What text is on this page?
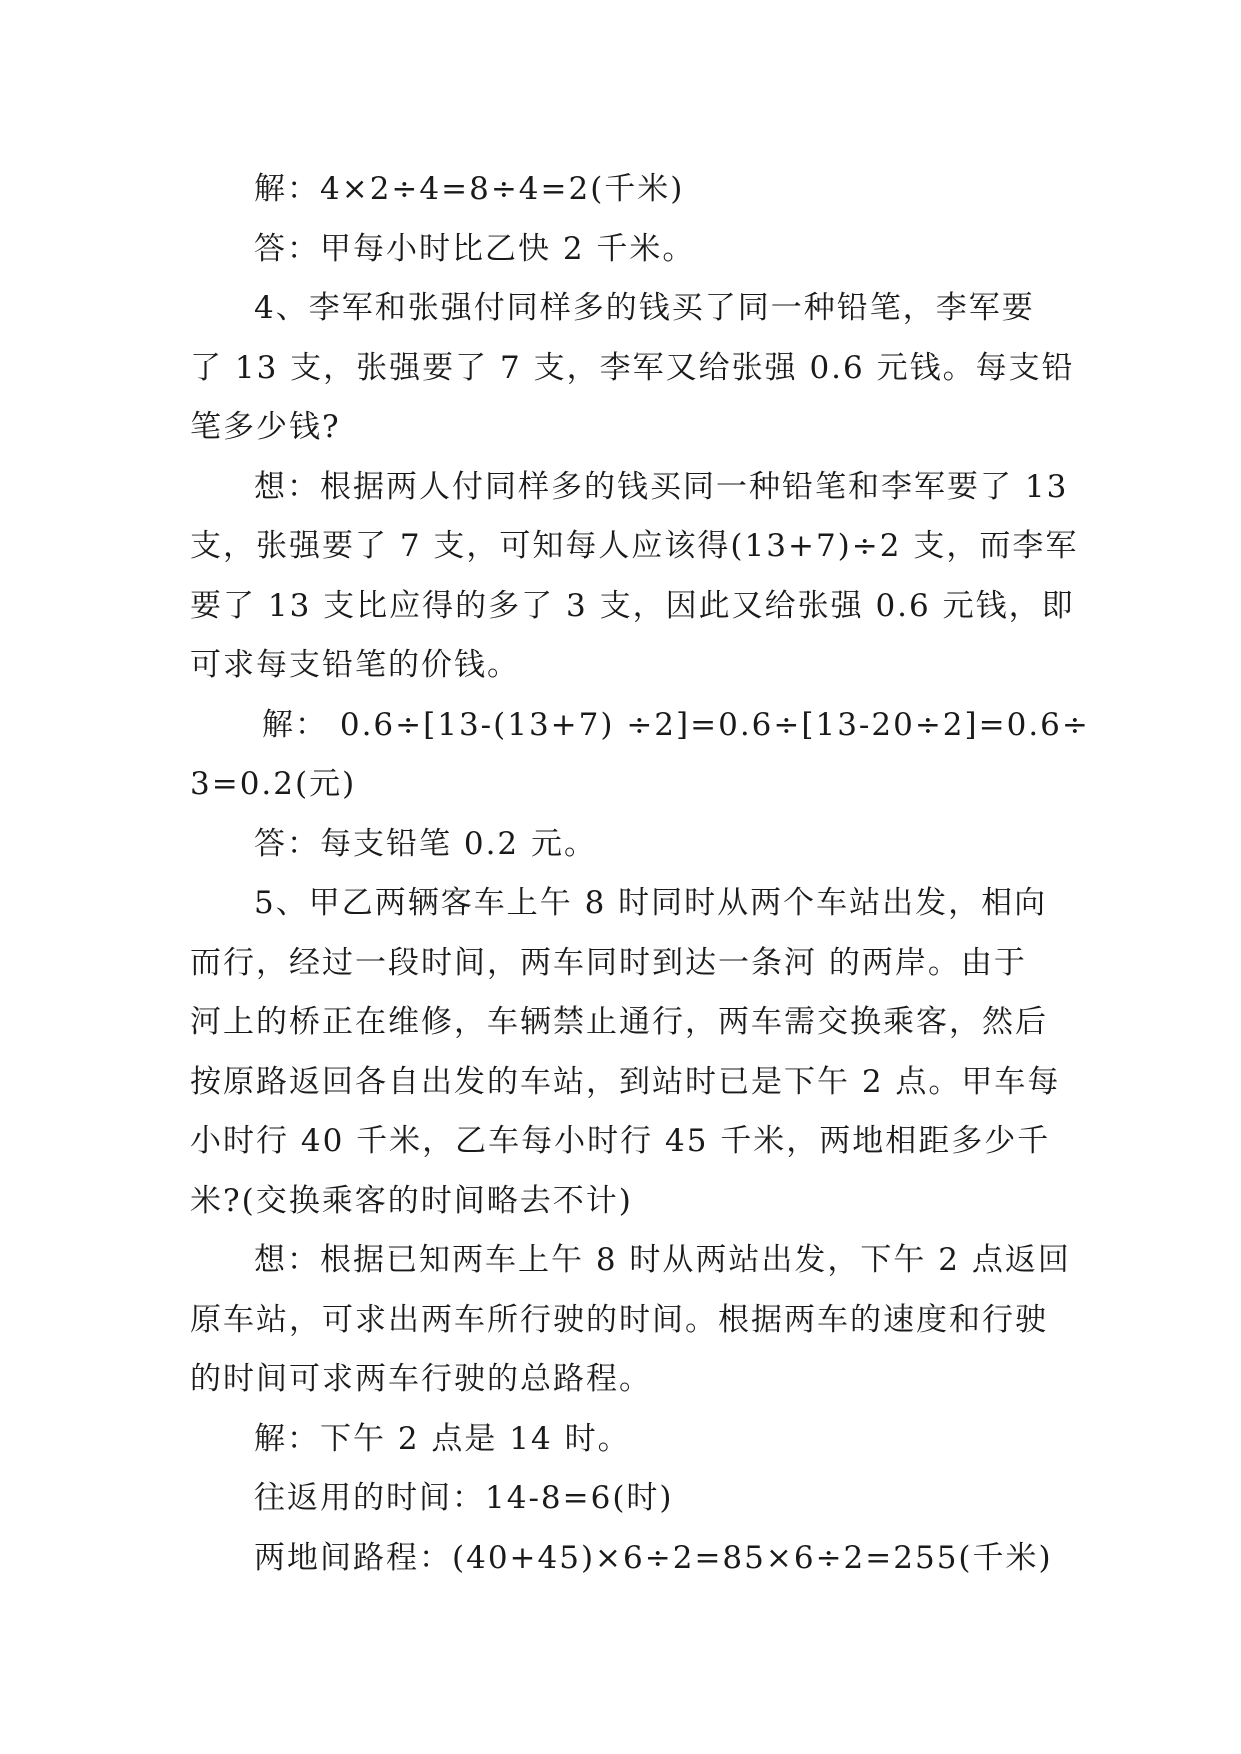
解：4×2÷4=8÷4=2(千米)

答：甲每小时比乙快 2 千米。

4、李军和张强付同样多的钱买了同一种铅笔，李军要
了 13 支，张强要了 7 支，李军又给张强 0.6 元钱。每支铅
笔多少钱?

想：根据两人付同样多的钱买同一种铅笔和李军要了 13
支，张强要了 7 支，可知每人应该得(13+7)÷2 支，而李军
要了 13 支比应得的多了 3 支，因此又给张强 0.6 元钱，即
可求每支铅笔的价钱。

解： 0.6÷[13-(13+7) ÷2]=0.6÷[13-20÷2]=0.6÷
3=0.2(元)

答：每支铅笔 0.2 元。

5、甲乙两辆客车上午 8 时同时从两个车站出发，相向
而行，经过一段时间，两车同时到达一条河 的两岸。由于
河上的桥正在维修，车辆禁止通行，两车需交换乘客，然后
按原路返回各自出发的车站，到站时已是下午 2 点。甲车每
小时行 40 千米，乙车每小时行 45 千米，两地相距多少千
米?(交换乘客的时间略去不计)

想：根据已知两车上午 8 时从两站出发，下午 2 点返回
原车站，可求出两车所行驶的时间。根据两车的速度和行驶
的时间可求两车行驶的总路程。

解：下午 2 点是 14 时。

往返用的时间：14-8=6(时)

两地间路程：(40+45)×6÷2=85×6÷2=255(千米)
